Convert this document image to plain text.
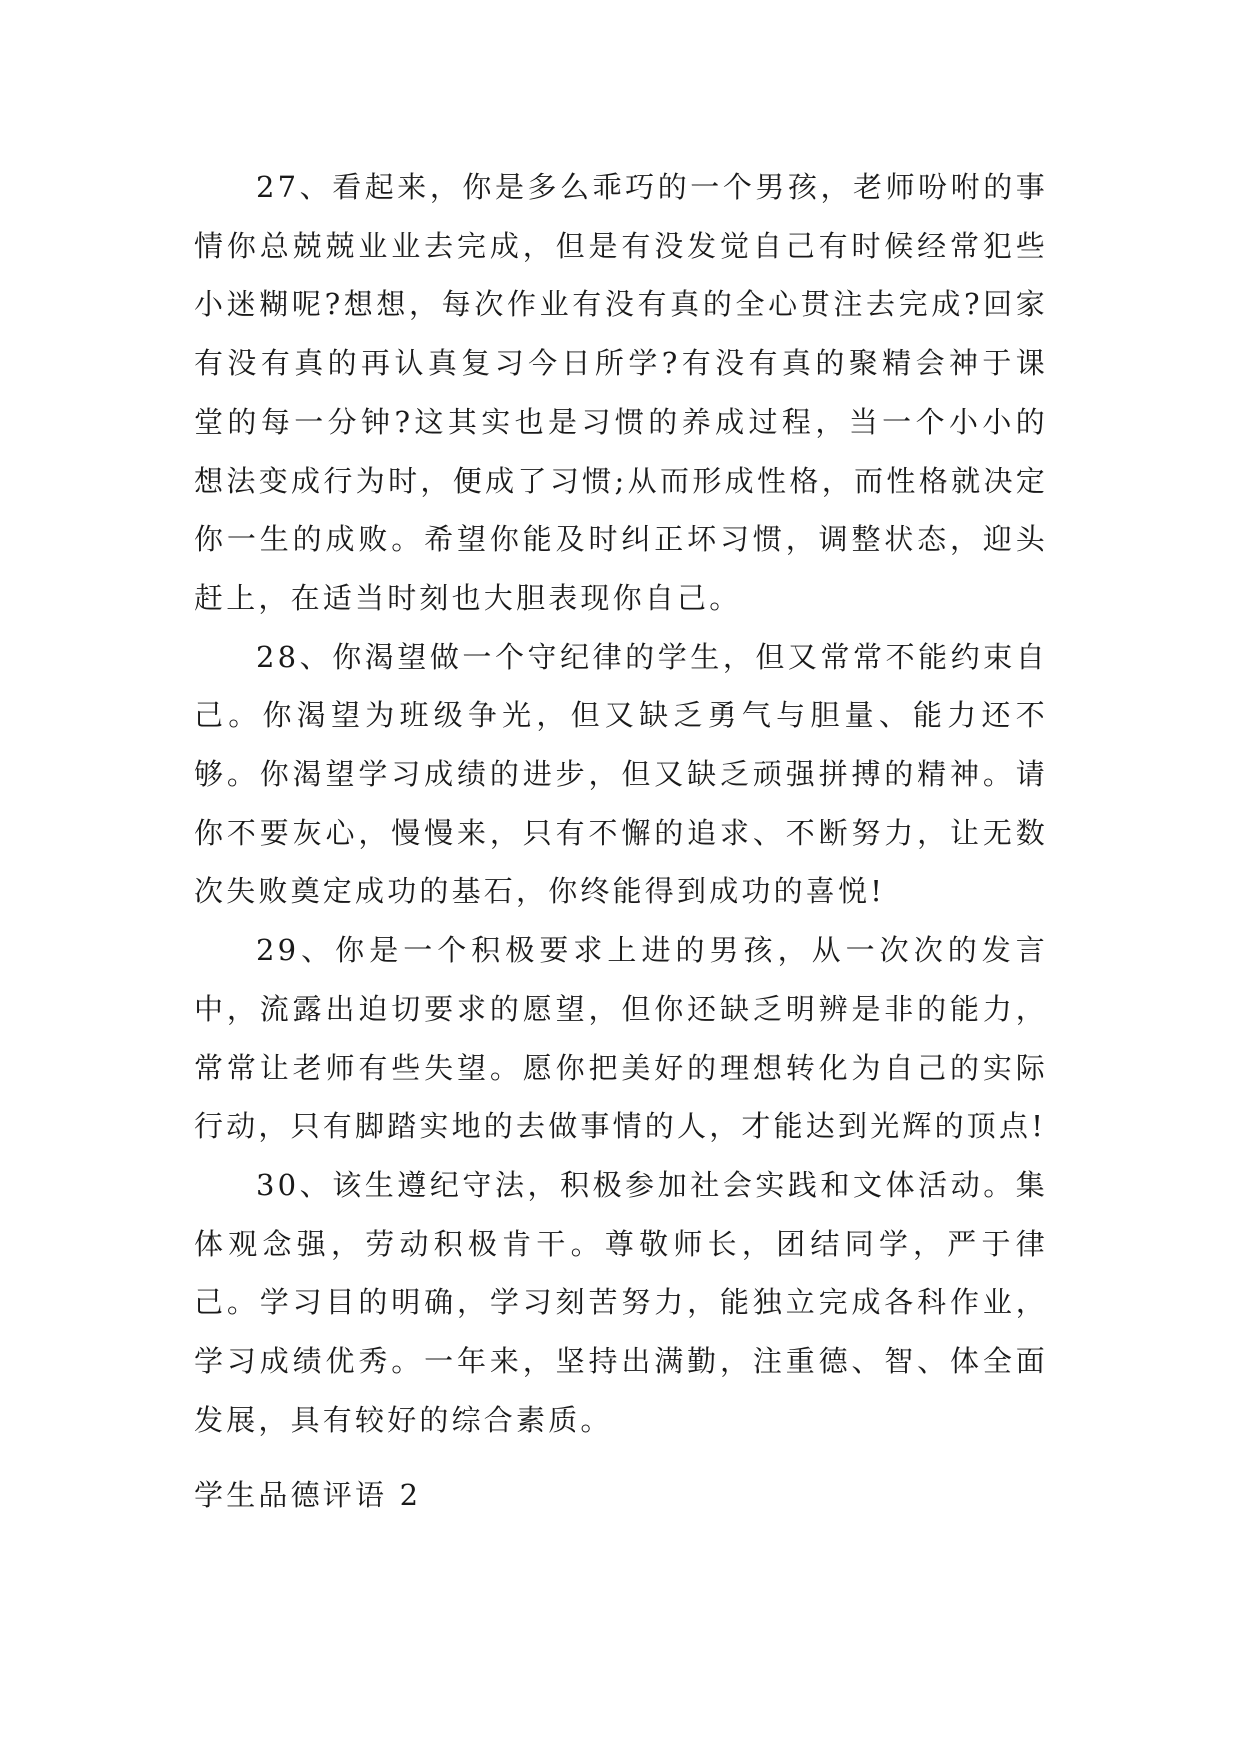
27、看起来，你是多么乖巧的一个男孩，老师吩咐的事情你总兢兢业业去完成，但是有没发觉自己有时候经常犯些小迷糊呢?想想，每次作业有没有真的全心贯注去完成?回家有没有真的再认真复习今日所学?有没有真的聚精会神于课堂的每一分钟?这其实也是习惯的养成过程，当一个小小的想法变成行为时，便成了习惯;从而形成性格，而性格就决定你一生的成败。希望你能及时纠正坏习惯，调整状态，迎头赶上，在适当时刻也大胆表现你自己。

28、你渴望做一个守纪律的学生，但又常常不能约束自己。你渴望为班级争光，但又缺乏勇气与胆量、能力还不够。你渴望学习成绩的进步，但又缺乏顽强拼搏的精神。请你不要灰心，慢慢来，只有不懈的追求、不断努力，让无数次失败奠定成功的基石，你终能得到成功的喜悦!

29、你是一个积极要求上进的男孩，从一次次的发言中，流露出迫切要求的愿望，但你还缺乏明辨是非的能力，常常让老师有些失望。愿你把美好的理想转化为自己的实际行动，只有脚踏实地的去做事情的人，才能达到光辉的顶点!

30、该生遵纪守法，积极参加社会实践和文体活动。集体观念强，劳动积极肯干。尊敬师长，团结同学，严于律己。学习目的明确，学习刻苦努力，能独立完成各科作业，学习成绩优秀。一年来，坚持出满勤，注重德、智、体全面发展，具有较好的综合素质。

学生品德评语 2
